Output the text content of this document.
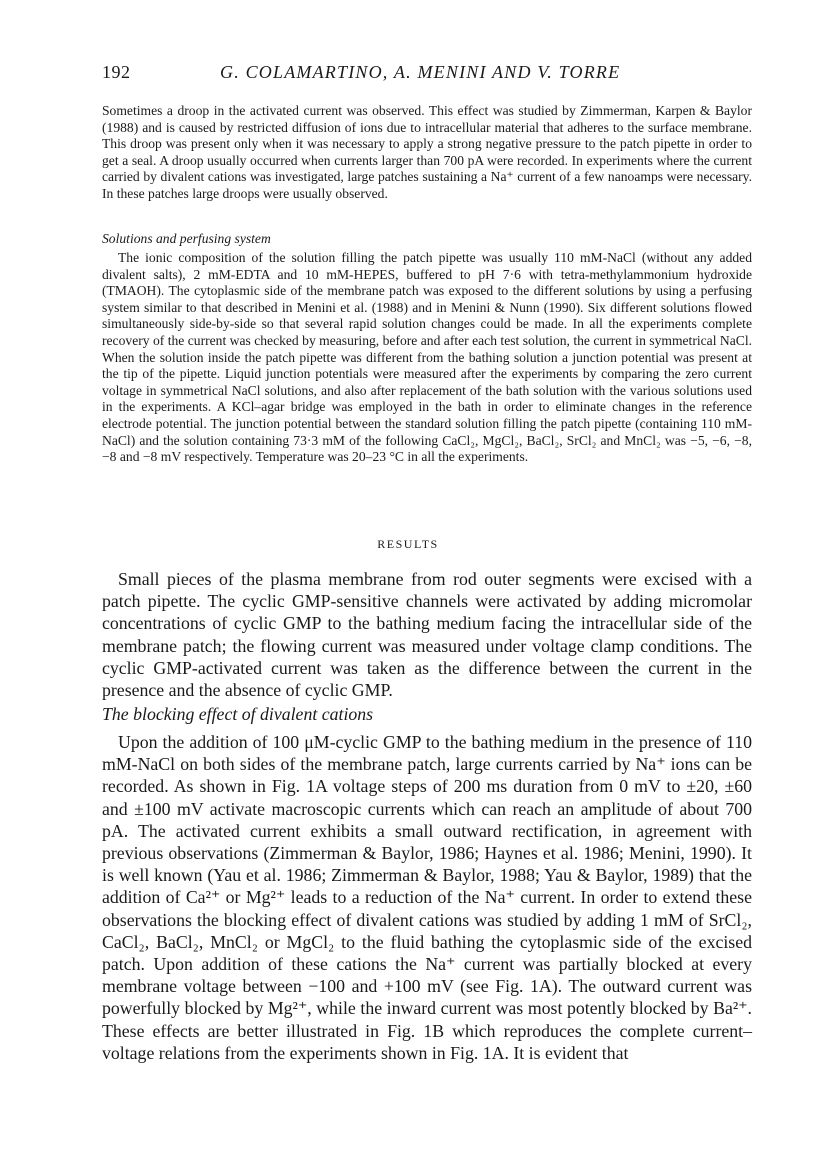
192	G. COLAMARTINO, A. MENINI AND V. TORRE

Sometimes a droop in the activated current was observed. This effect was studied by Zimmerman, Karpen & Baylor (1988) and is caused by restricted diffusion of ions due to intracellular material that adheres to the surface membrane. This droop was present only when it was necessary to apply a strong negative pressure to the patch pipette in order to get a seal. A droop usually occurred when currents larger than 700 pA were recorded. In experiments where the current carried by divalent cations was investigated, large patches sustaining a Na⁺ current of a few nanoamps were necessary. In these patches large droops were usually observed.

Solutions and perfusing system

The ionic composition of the solution filling the patch pipette was usually 110 mM-NaCl (without any added divalent salts), 2 mM-EDTA and 10 mM-HEPES, buffered to pH 7·6 with tetra-methylammonium hydroxide (TMAOH). The cytoplasmic side of the membrane patch was exposed to the different solutions by using a perfusing system similar to that described in Menini et al. (1988) and in Menini & Nunn (1990). Six different solutions flowed simultaneously side-by-side so that several rapid solution changes could be made. In all the experiments complete recovery of the current was checked by measuring, before and after each test solution, the current in symmetrical NaCl. When the solution inside the patch pipette was different from the bathing solution a junction potential was present at the tip of the pipette. Liquid junction potentials were measured after the experiments by comparing the zero current voltage in symmetrical NaCl solutions, and also after replacement of the bath solution with the various solutions used in the experiments. A KCl–agar bridge was employed in the bath in order to eliminate changes in the reference electrode potential. The junction potential between the standard solution filling the patch pipette (containing 110 mM-NaCl) and the solution containing 73·3 mM of the following CaCl₂, MgCl₂, BaCl₂, SrCl₂ and MnCl₂ was −5, −6, −8, −8 and −8 mV respectively. Temperature was 20–23 °C in all the experiments.

RESULTS

Small pieces of the plasma membrane from rod outer segments were excised with a patch pipette. The cyclic GMP-sensitive channels were activated by adding micromolar concentrations of cyclic GMP to the bathing medium facing the intracellular side of the membrane patch; the flowing current was measured under voltage clamp conditions. The cyclic GMP-activated current was taken as the difference between the current in the presence and the absence of cyclic GMP.

The blocking effect of divalent cations

Upon the addition of 100 μM-cyclic GMP to the bathing medium in the presence of 110 mM-NaCl on both sides of the membrane patch, large currents carried by Na⁺ ions can be recorded. As shown in Fig. 1A voltage steps of 200 ms duration from 0 mV to ±20, ±60 and ±100 mV activate macroscopic currents which can reach an amplitude of about 700 pA. The activated current exhibits a small outward rectification, in agreement with previous observations (Zimmerman & Baylor, 1986; Haynes et al. 1986; Menini, 1990). It is well known (Yau et al. 1986; Zimmerman & Baylor, 1988; Yau & Baylor, 1989) that the addition of Ca²⁺ or Mg²⁺ leads to a reduction of the Na⁺ current. In order to extend these observations the blocking effect of divalent cations was studied by adding 1 mM of SrCl₂, CaCl₂, BaCl₂, MnCl₂ or MgCl₂ to the fluid bathing the cytoplasmic side of the excised patch. Upon addition of these cations the Na⁺ current was partially blocked at every membrane voltage between −100 and +100 mV (see Fig. 1A). The outward current was powerfully blocked by Mg²⁺, while the inward current was most potently blocked by Ba²⁺. These effects are better illustrated in Fig. 1B which reproduces the complete current–voltage relations from the experiments shown in Fig. 1A. It is evident that
